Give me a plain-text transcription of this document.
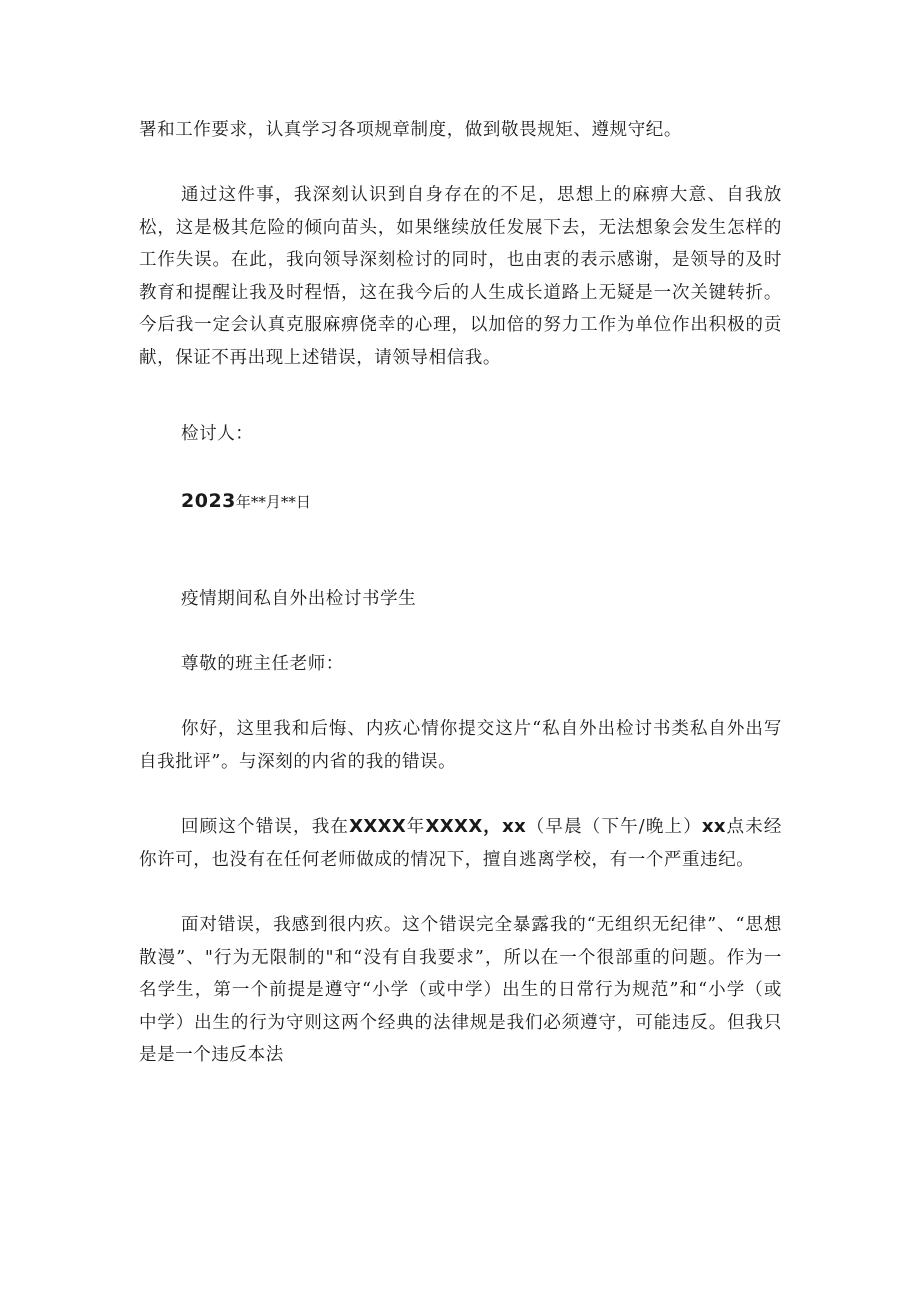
署和工作要求，认真学习各项规章制度，做到敬畏规矩、遵规守纪。

通过这件事，我深刻认识到自身存在的不足，思想上的麻痹大意、自我放松，这是极其危险的倾向苗头，如果继续放任发展下去，无法想象会发生怎样的工作失误。在此，我向领导深刻检讨的同时，也由衷的表示感谢，是领导的及时教育和提醒让我及时程悟，这在我今后的人生成长道路上无疑是一次关键转折。今后我一定会认真克服麻痹侥幸的心理，以加倍的努力工作为单位作出积极的贡献，保证不再出现上述错误，请领导相信我。

检讨人：

2023年**月**日

疫情期间私自外出检讨书学生

尊敬的班主任老师：

你好，这里我和后悔、内疚心情你提交这片“私自外出检讨书类私自外出写自我批评”。与深刻的内省的我的错误。

回顾这个错误，我在XXXX年XXXX，xx（早晨（下午/晚上）xx点未经你许可，也没有在任何老师做成的情况下，擅自逃离学校，有一个严重违纪。

面对错误，我感到很内疚。这个错误完全暴露我的“无组织无纪律”、“思想散漫”、"行为无限制的"和“没有自我要求”，所以在一个很部重的问题。作为一名学生，第一个前提是遵守“小学（或中学）出生的日常行为规范”和“小学（或中学）出生的行为守则这两个经典的法律规是我们必须遵守，可能违反。但我只是是一个违反本法
